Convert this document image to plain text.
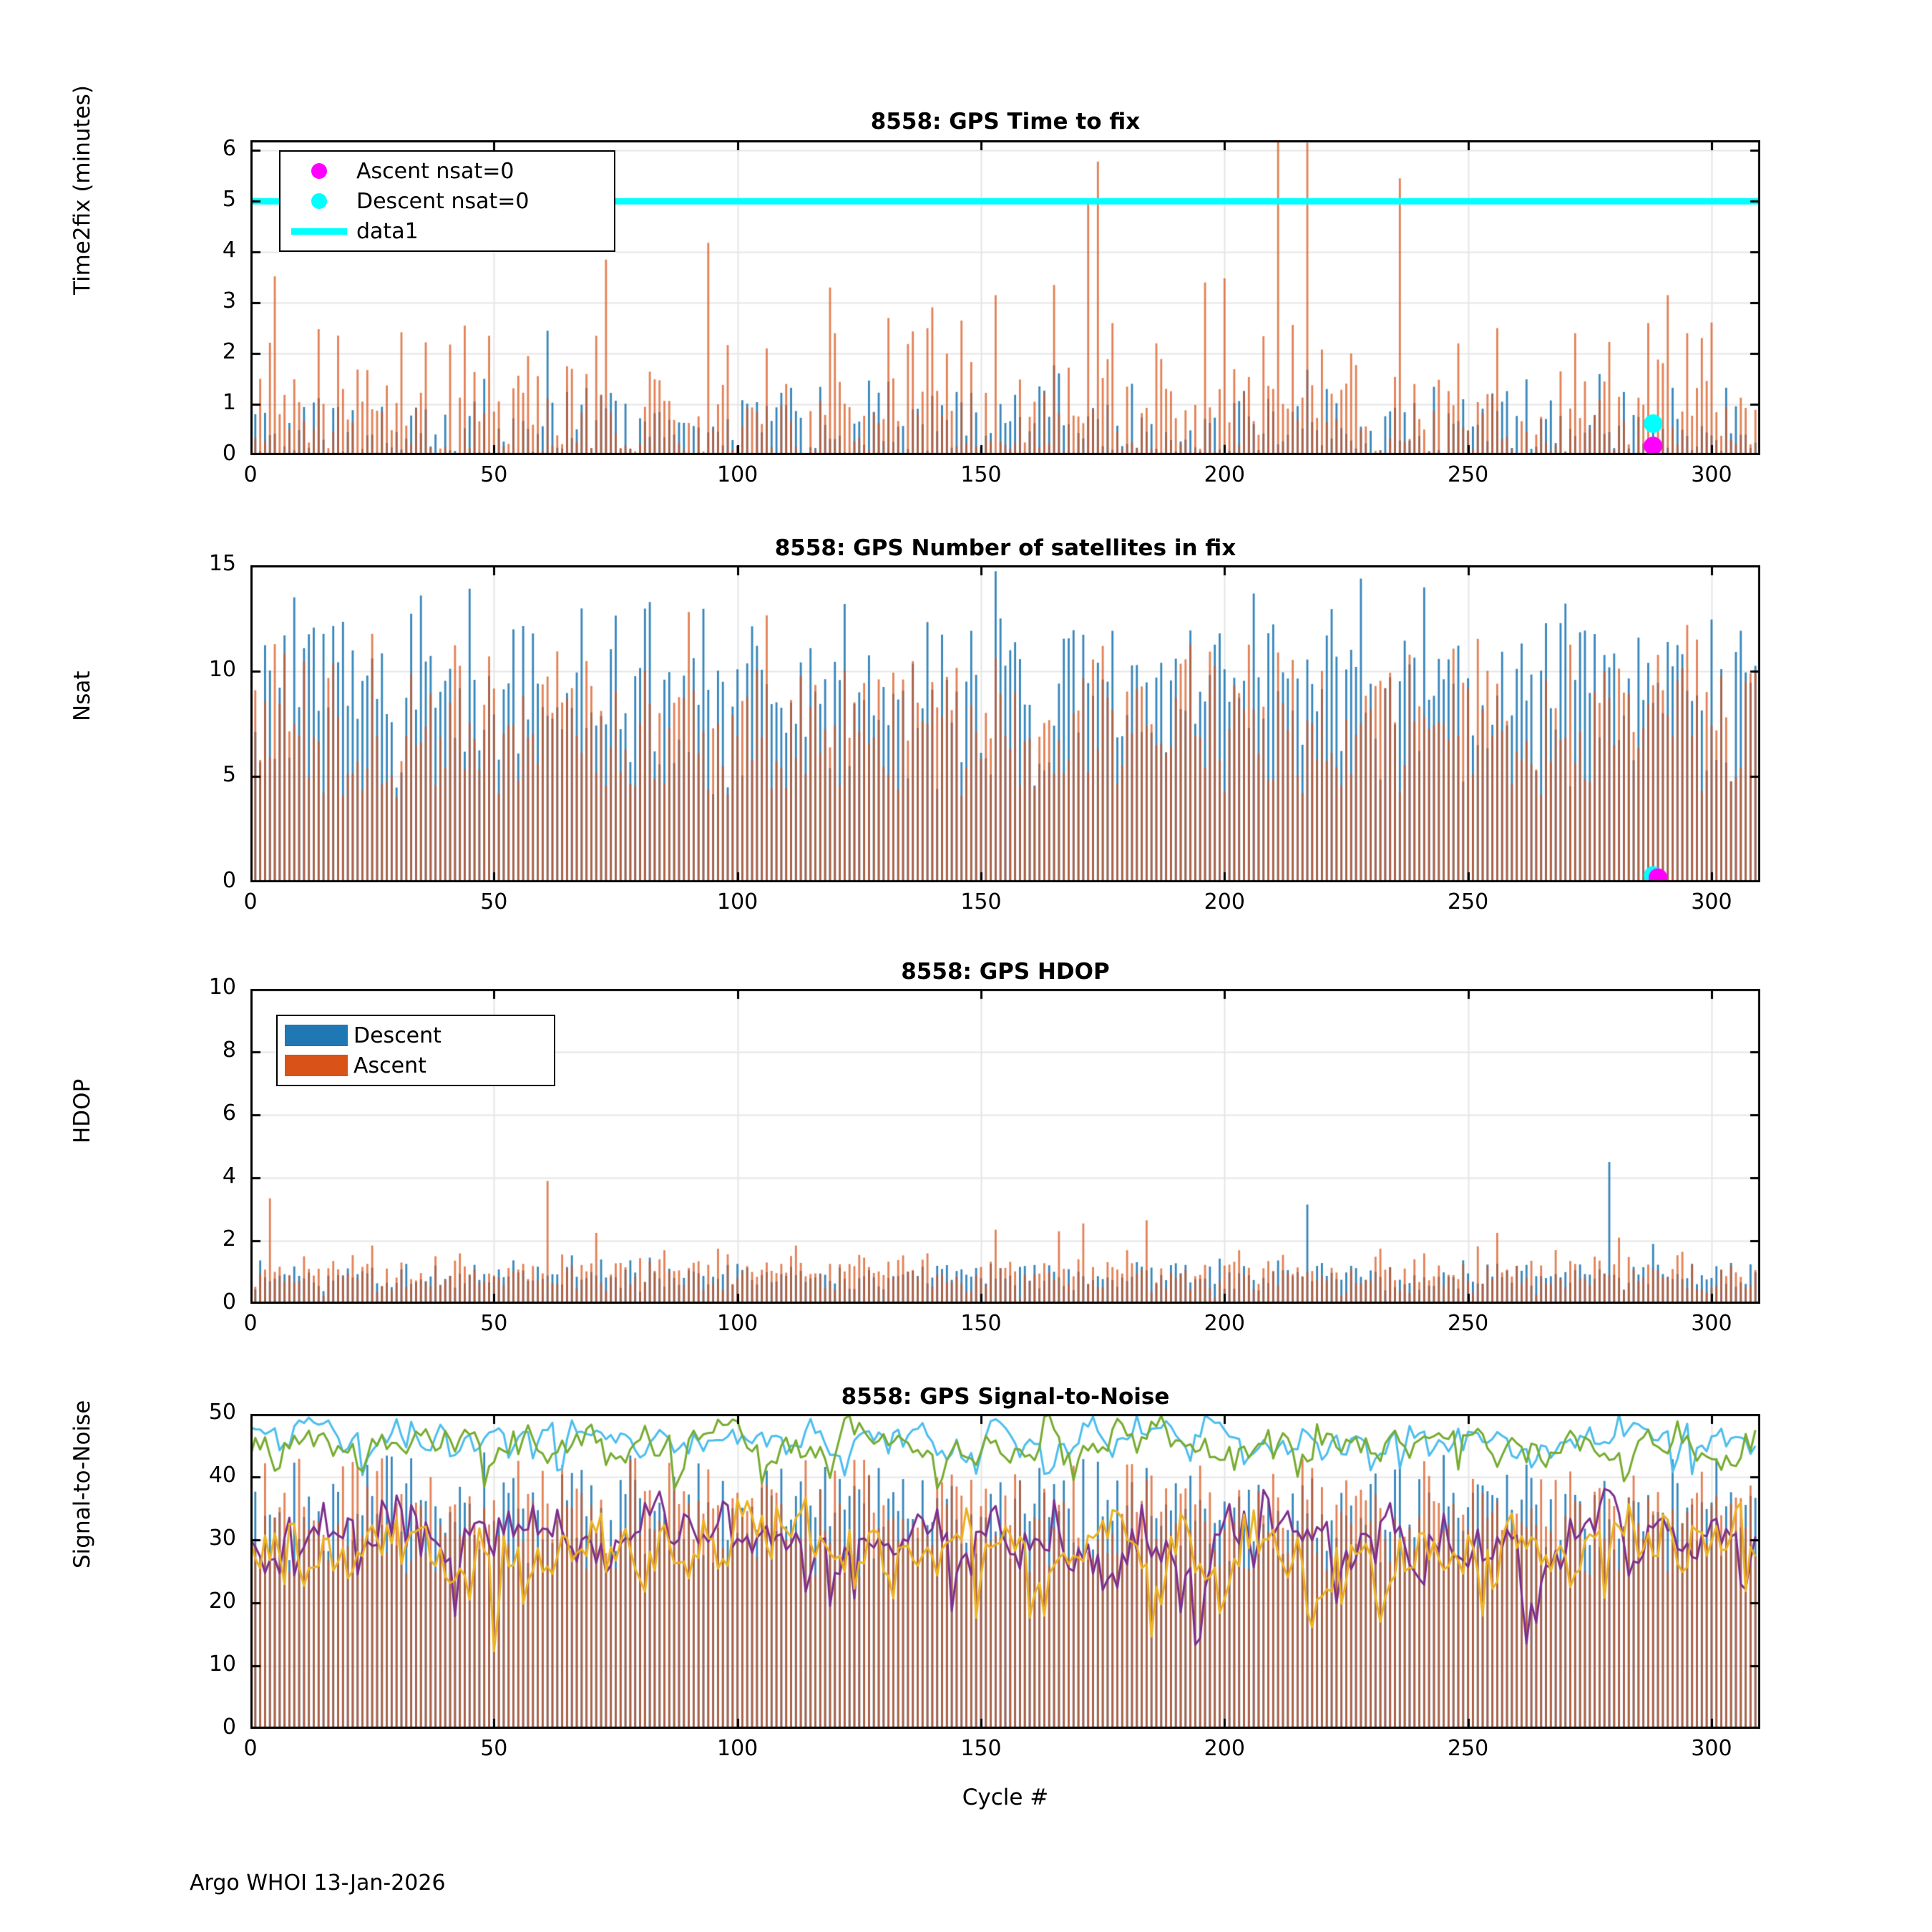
8558: GPS Time to fix
Time2fix (minutes)	Ascent nsat=0
Descent nsat=0
data1
8558: GPS Number of satellites in fix
Nsat
8558: GPS HDOP
HDOP
Descent
Ascent
8558: GPS Signal-to-Noise
Signal-to-Noise
Cycle #
Argo WHOI 13-Jan-2026
0	50	100	150	200	250	300
0
1
2
3
4
5
6
0	50	100	150	200	250	300
0
5
10
15
0	50	100	150	200	250	300
0
2
4
6
8
10
0	50	100	150	200	250	300
0
10
20
30
40
50
